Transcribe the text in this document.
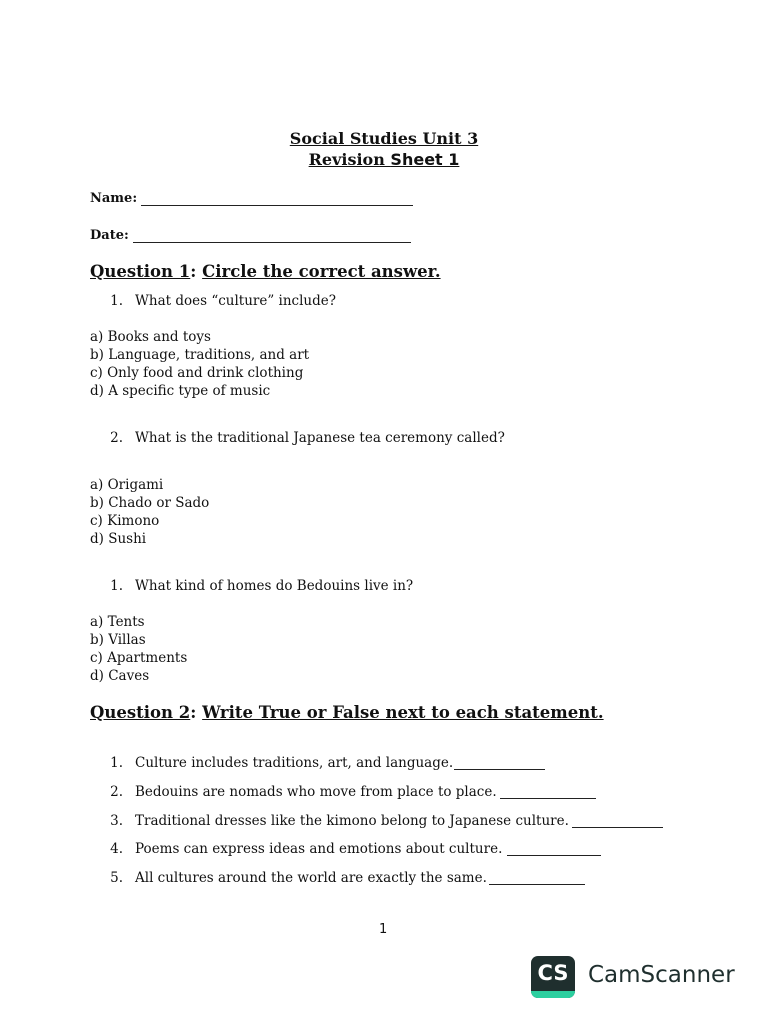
Social Studies Unit 3
Revision Sheet 1
Name:
Date:
Question 1: Circle the correct answer.
1. What does “culture” include?
a) Books and toys
b) Language, traditions, and art
c) Only food and drink clothing
d) A specific type of music
2. What is the traditional Japanese tea ceremony called?
a) Origami
b) Chado or Sado
c) Kimono
d) Sushi
1. What kind of homes do Bedouins live in?
a) Tents
b) Villas
c) Apartments
d) Caves
Question 2: Write True or False next to each statement.
1. Culture includes traditions, art, and language.
2. Bedouins are nomads who move from place to place.
3. Traditional dresses like the kimono belong to Japanese culture.
4. Poems can express ideas and emotions about culture.
5. All cultures around the world are exactly the same.
1
CS CamScanner
